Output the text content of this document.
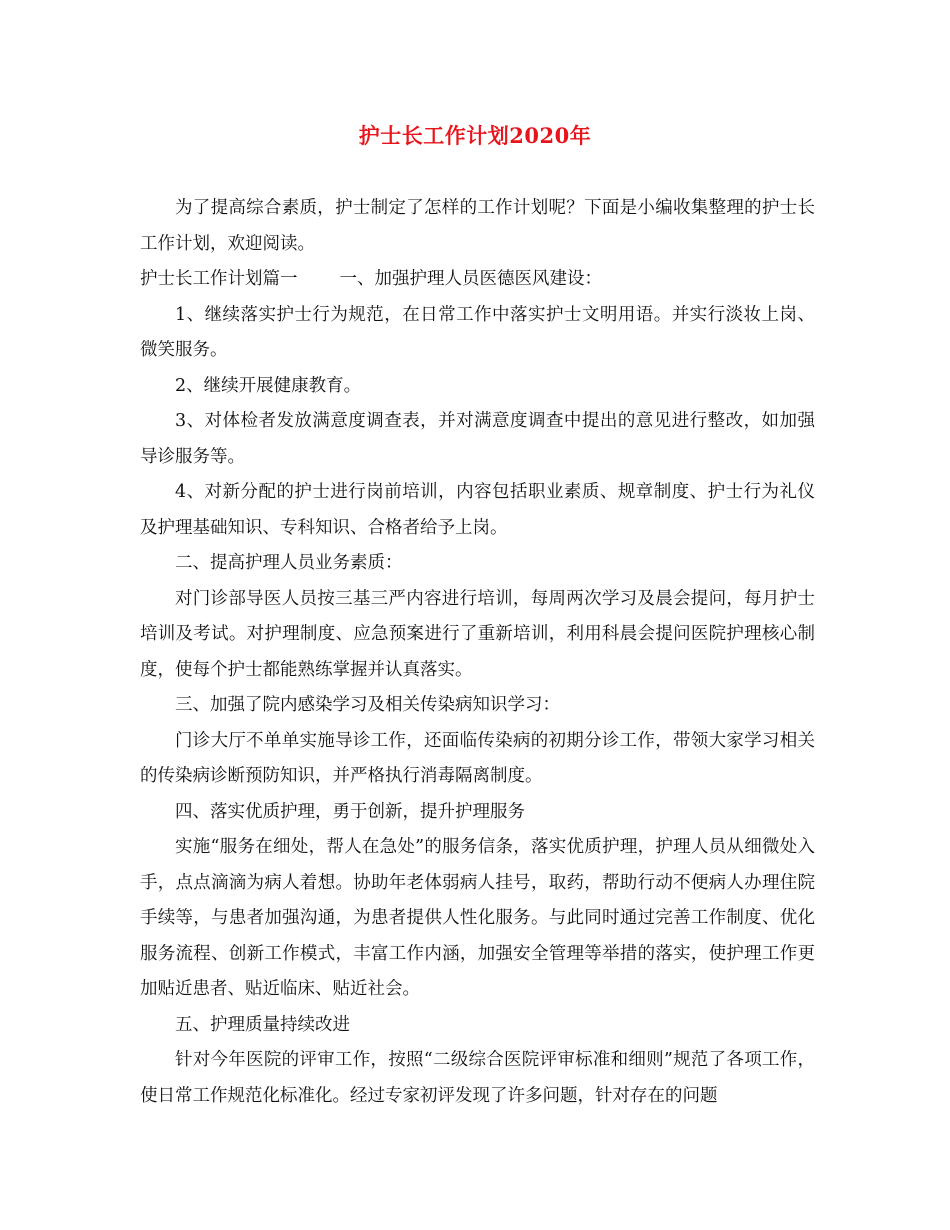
护士长工作计划2020年

为了提高综合素质，护士制定了怎样的工作计划呢？下面是小编收集整理的护士长工作计划，欢迎阅读。

护士长工作计划篇一 一、加强护理人员医德医风建设：

1、继续落实护士行为规范，在日常工作中落实护士文明用语。并实行淡妆上岗、微笑服务。

2、继续开展健康教育。

3、对体检者发放满意度调查表，并对满意度调查中提出的意见进行整改，如加强导诊服务等。

4、对新分配的护士进行岗前培训，内容包括职业素质、规章制度、护士行为礼仪及护理基础知识、专科知识、合格者给予上岗。

二、提高护理人员业务素质：

对门诊部导医人员按三基三严内容进行培训，每周两次学习及晨会提问，每月护士培训及考试。对护理制度、应急预案进行了重新培训，利用科晨会提问医院护理核心制度，使每个护士都能熟练掌握并认真落实。

三、加强了院内感染学习及相关传染病知识学习：

门诊大厅不单单实施导诊工作，还面临传染病的初期分诊工作，带领大家学习相关的传染病诊断预防知识，并严格执行消毒隔离制度。

四、落实优质护理，勇于创新，提升护理服务

实施“服务在细处，帮人在急处”的服务信条，落实优质护理，护理人员从细微处入手，点点滴滴为病人着想。协助年老体弱病人挂号，取药，帮助行动不便病人办理住院手续等，与患者加强沟通，为患者提供人性化服务。与此同时通过完善工作制度、优化服务流程、创新工作模式，丰富工作内涵，加强安全管理等举措的落实，使护理工作更加贴近患者、贴近临床、贴近社会。

五、护理质量持续改进

针对今年医院的评审工作，按照“二级综合医院评审标准和细则”规范了各项工作，使日常工作规范化标准化。经过专家初评发现了许多问题，针对存在的问题
